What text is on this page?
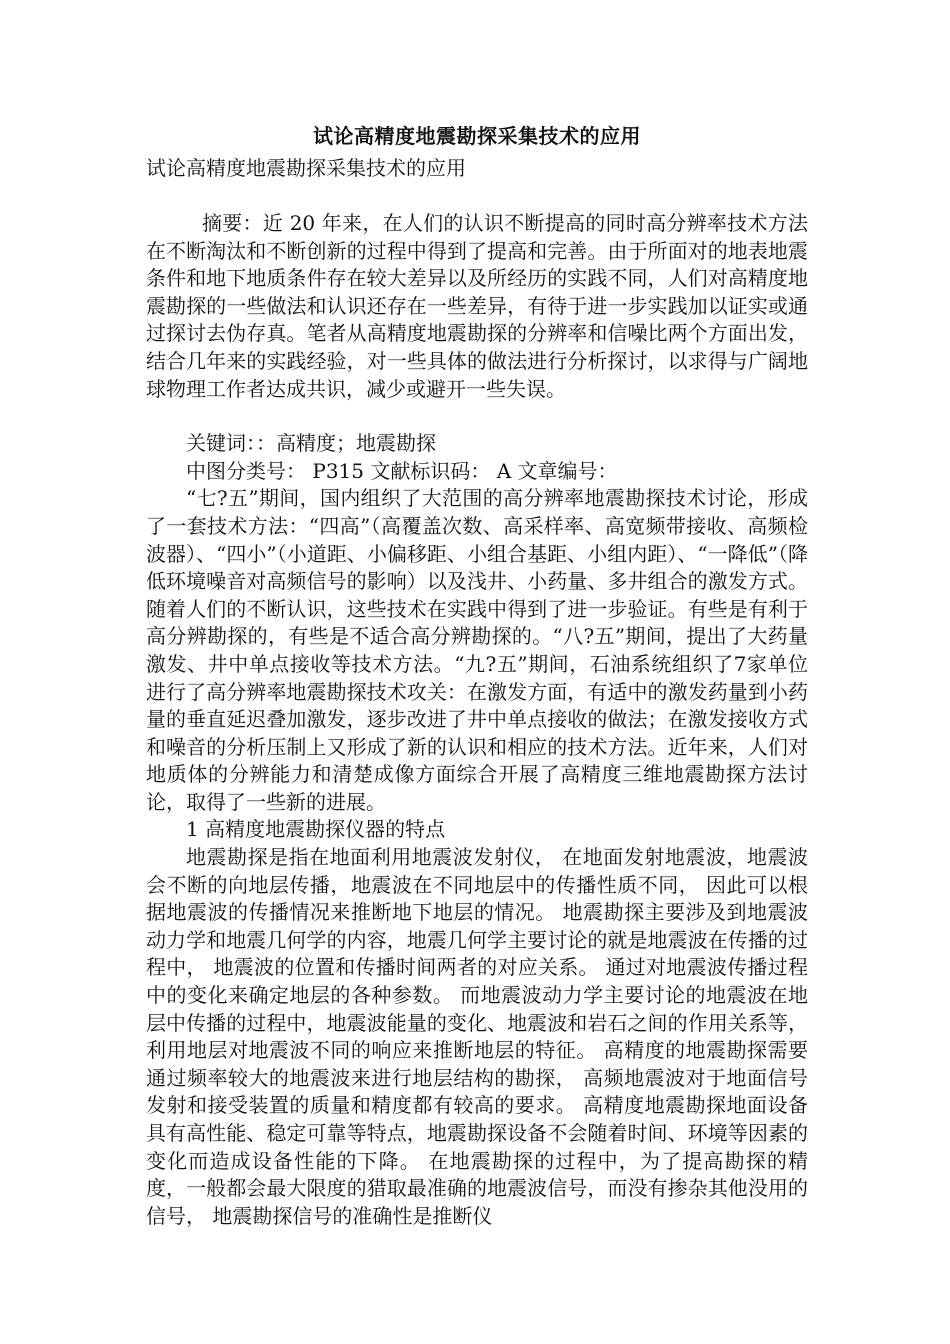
试论高精度地震勘探采集技术的应用
试论高精度地震勘探采集技术的应用

摘要：近 20 年来，在人们的认识不断提高的同时高分辨率技术方法在不断淘汰和不断创新的过程中得到了提高和完善。由于所面对的地表地震条件和地下地质条件存在较大差异以及所经历的实践不同，人们对高精度地震勘探的一些做法和认识还存在一些差异，有待于进一步实践加以证实或通过探讨去伪存真。笔者从高精度地震勘探的分辨率和信噪比两个方面出发，结合几年来的实践经验，对一些具体的做法进行分析探讨，以求得与广阔地球物理工作者达成共识，减少或避开一些失误。

关键词：：高精度；地震勘探

中图分类号： P315 文献标识码： A 文章编号：

“七?五”期间，国内组织了大范围的高分辨率地震勘探技术讨论，形成了一套技术方法：“四高”（高覆盖次数、高采样率、高宽频带接收、高频检波器）、“四小”（小道距、小偏移距、小组合基距、小组内距）、“一降低”（降低环境噪音对高频信号的影响）以及浅井、小药量、多井组合的激发方式。随着人们的不断认识，这些技术在实践中得到了进一步验证。有些是有利于高分辨勘探的，有些是不适合高分辨勘探的。“八?五”期间，提出了大药量激发、井中单点接收等技术方法。“九?五”期间，石油系统组织了7家单位进行了高分辨率地震勘探技术攻关：在激发方面，有适中的激发药量到小药量的垂直延迟叠加激发，逐步改进了井中单点接收的做法；在激发接收方式和噪音的分析压制上又形成了新的认识和相应的技术方法。近年来，人们对地质体的分辨能力和清楚成像方面综合开展了高精度三维地震勘探方法讨论，取得了一些新的进展。

1 高精度地震勘探仪器的特点

地震勘探是指在地面利用地震波发射仪， 在地面发射地震波，地震波会不断的向地层传播，地震波在不同地层中的传播性质不同， 因此可以根据地震波的传播情况来推断地下地层的情况。 地震勘探主要涉及到地震波动力学和地震几何学的内容，地震几何学主要讨论的就是地震波在传播的过程中， 地震波的位置和传播时间两者的对应关系。 通过对地震波传播过程中的变化来确定地层的各种参数。 而地震波动力学主要讨论的地震波在地层中传播的过程中，地震波能量的变化、地震波和岩石之间的作用关系等， 利用地层对地震波不同的响应来推断地层的特征。 高精度的地震勘探需要通过频率较大的地震波来进行地层结构的勘探， 高频地震波对于地面信号发射和接受装置的质量和精度都有较高的要求。 高精度地震勘探地面设备具有高性能、稳定可靠等特点，地震勘探设备不会随着时间、环境等因素的变化而造成设备性能的下降。 在地震勘探的过程中，为了提高勘探的精度，一般都会最大限度的猎取最准确的地震波信号，而没有掺杂其他没用的信号， 地震勘探信号的准确性是推断仪
